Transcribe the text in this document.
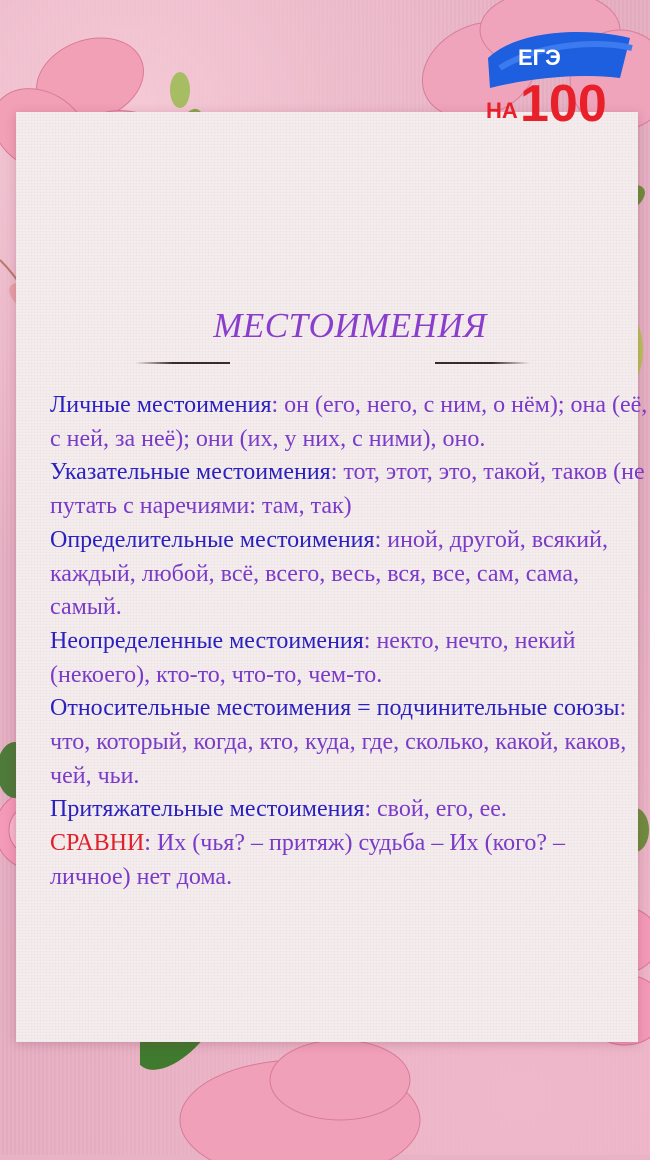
ЕГЭ
НА 100
МЕСТОИМЕНИЯ

Личные местоимения: он (его, него, с ним, о нём); она (её, с ней, за неё); они (их, у них, с ними), оно.

Указательные местоимения: тот, этот, это, такой, таков (не путать с наречиями: там, так)

Определительные местоимения: иной, другой, всякий, каждый, любой, всё, всего, весь, вся, все, сам, сама, самый.

Неопределенные местоимения: некто, нечто, некий (некоего), кто-то, что-то, чем-то.

Относительные местоимения = подчинительные союзы: что, который, когда, кто, куда, где, сколько, какой, каков, чей, чьи.

Притяжательные местоимения: свой, его, ее.

СРАВНИ: Их (чья? – притяж) судьба – Их (кого? – личное) нет дома.
